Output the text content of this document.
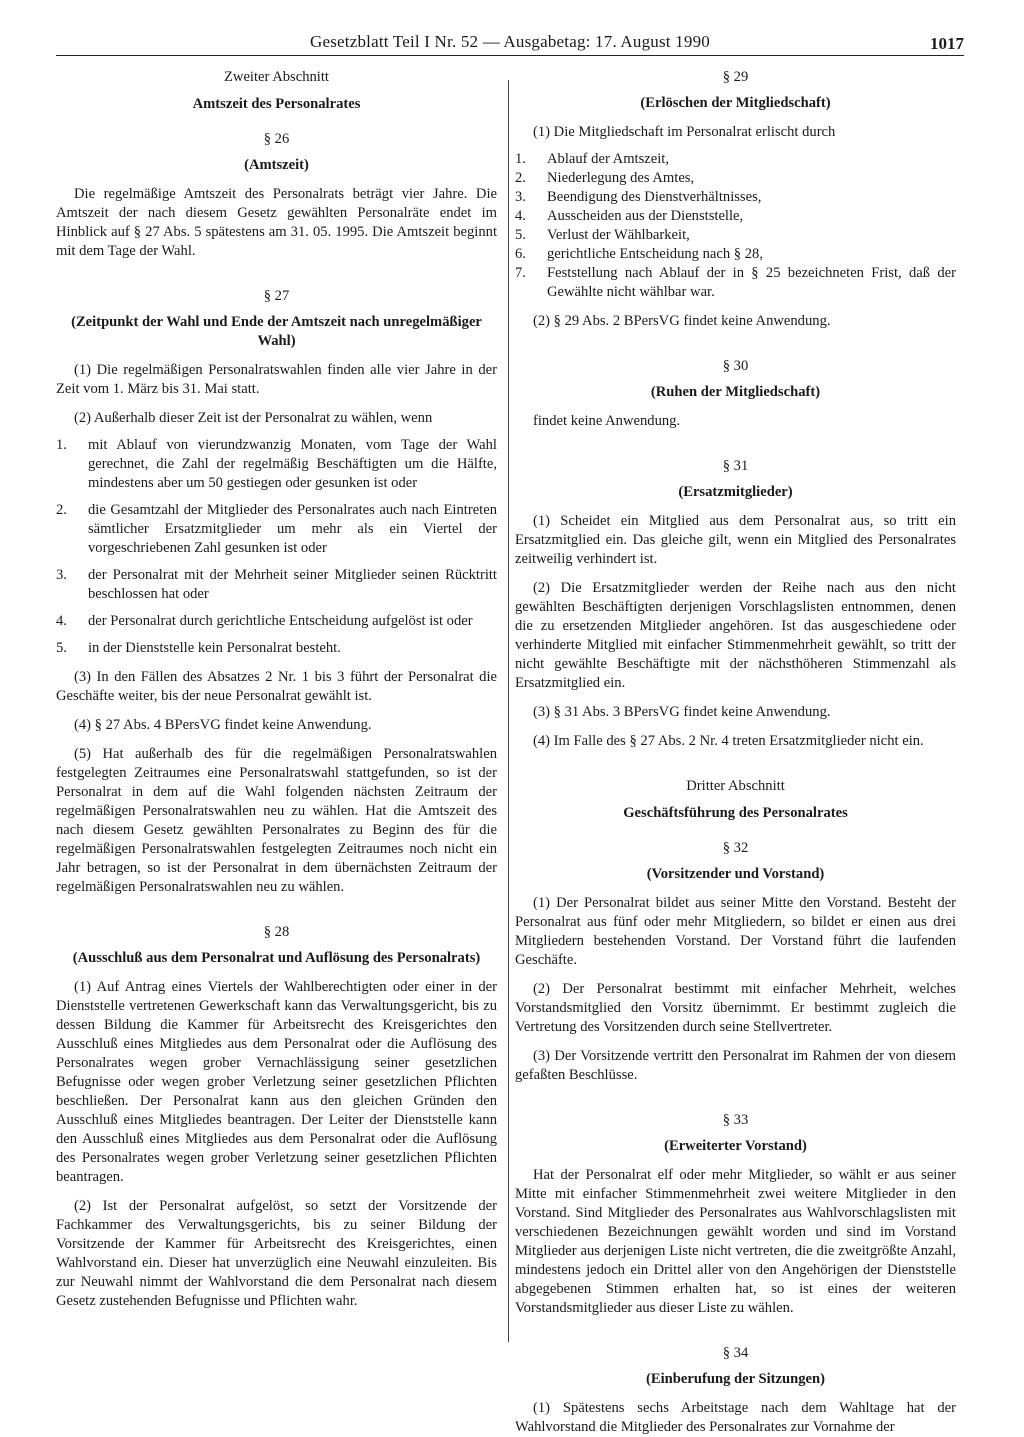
Gesetzblatt Teil I Nr. 52 — Ausgabetag: 17. August 1990	1017
Zweiter Abschnitt
Amtszeit des Personalrates
§ 26
(Amtszeit)

Die regelmäßige Amtszeit des Personalrats beträgt vier Jahre. Die Amtszeit der nach diesem Gesetz gewählten Personalräte endet im Hinblick auf § 27 Abs. 5 spätestens am 31. 05. 1995. Die Amtszeit beginnt mit dem Tage der Wahl.

§ 27
(Zeitpunkt der Wahl und Ende der Amtszeit nach unregelmäßiger Wahl)

(1) Die regelmäßigen Personalratswahlen finden alle vier Jahre in der Zeit vom 1. März bis 31. Mai statt.

(2) Außerhalb dieser Zeit ist der Personalrat zu wählen, wenn

1.	mit Ablauf von vierundzwanzig Monaten, vom Tage der Wahl gerechnet, die Zahl der regelmäßig Beschäftigten um die Hälfte, mindestens aber um 50 gestiegen oder gesunken ist oder
2.	die Gesamtzahl der Mitglieder des Personalrates auch nach Eintreten sämtlicher Ersatzmitglieder um mehr als ein Viertel der vorgeschriebenen Zahl gesunken ist oder
3.	der Personalrat mit der Mehrheit seiner Mitglieder seinen Rücktritt beschlossen hat oder
4.	der Personalrat durch gerichtliche Entscheidung aufgelöst ist oder
5.	in der Dienststelle kein Personalrat besteht.

(3) In den Fällen des Absatzes 2 Nr. 1 bis 3 führt der Personalrat die Geschäfte weiter, bis der neue Personalrat gewählt ist.

(4) § 27 Abs. 4 BPersVG findet keine Anwendung.

(5) Hat außerhalb des für die regelmäßigen Personalratswahlen festgelegten Zeitraumes eine Personalratswahl stattgefunden, so ist der Personalrat in dem auf die Wahl folgenden nächsten Zeitraum der regelmäßigen Personalratswahlen neu zu wählen. Hat die Amtszeit des nach diesem Gesetz gewählten Personalrates zu Beginn des für die regelmäßigen Personalratswahlen festgelegten Zeitraumes noch nicht ein Jahr betragen, so ist der Personalrat in dem übernächsten Zeitraum der regelmäßigen Personalratswahlen neu zu wählen.

§ 28
(Ausschluß aus dem Personalrat und Auflösung des Personalrats)

(1) Auf Antrag eines Viertels der Wahlberechtigten oder einer in der Dienststelle vertretenen Gewerkschaft kann das Verwaltungsgericht, bis zu dessen Bildung die Kammer für Arbeitsrecht des Kreisgerichtes den Ausschluß eines Mitgliedes aus dem Personalrat oder die Auflösung des Personalrates wegen grober Vernachlässigung seiner gesetzlichen Befugnisse oder wegen grober Verletzung seiner gesetzlichen Pflichten beschließen. Der Personalrat kann aus den gleichen Gründen den Ausschluß eines Mitgliedes beantragen. Der Leiter der Dienststelle kann den Ausschluß eines Mitgliedes aus dem Personalrat oder die Auflösung des Personalrates wegen grober Verletzung seiner gesetzlichen Pflichten beantragen.

(2) Ist der Personalrat aufgelöst, so setzt der Vorsitzende der Fachkammer des Verwaltungsgerichts, bis zu seiner Bildung der Vorsitzende der Kammer für Arbeitsrecht des Kreisgerichtes, einen Wahlvorstand ein. Dieser hat unverzüglich eine Neuwahl einzuleiten. Bis zur Neuwahl nimmt der Wahlvorstand die dem Personalrat nach diesem Gesetz zustehenden Befugnisse und Pflichten wahr.

§ 29
(Erlöschen der Mitgliedschaft)

(1) Die Mitgliedschaft im Personalrat erlischt durch

1.	Ablauf der Amtszeit,
2.	Niederlegung des Amtes,
3.	Beendigung des Dienstverhältnisses,
4.	Ausscheiden aus der Dienststelle,
5.	Verlust der Wählbarkeit,
6.	gerichtliche Entscheidung nach § 28,
7.	Feststellung nach Ablauf der in § 25 bezeichneten Frist, daß der Gewählte nicht wählbar war.

(2) § 29 Abs. 2 BPersVG findet keine Anwendung.

§ 30
(Ruhen der Mitgliedschaft)

findet keine Anwendung.

§ 31
(Ersatzmitglieder)

(1) Scheidet ein Mitglied aus dem Personalrat aus, so tritt ein Ersatzmitglied ein. Das gleiche gilt, wenn ein Mitglied des Personalrates zeitweilig verhindert ist.

(2) Die Ersatzmitglieder werden der Reihe nach aus den nicht gewählten Beschäftigten derjenigen Vorschlagslisten entnommen, denen die zu ersetzenden Mitglieder angehören. Ist das ausgeschiedene oder verhinderte Mitglied mit einfacher Stimmenmehrheit gewählt, so tritt der nicht gewählte Beschäftigte mit der nächsthöheren Stimmenzahl als Ersatzmitglied ein.

(3) § 31 Abs. 3 BPersVG findet keine Anwendung.

(4) Im Falle des § 27 Abs. 2 Nr. 4 treten Ersatzmitglieder nicht ein.

Dritter Abschnitt
Geschäftsführung des Personalrates
§ 32
(Vorsitzender und Vorstand)

(1) Der Personalrat bildet aus seiner Mitte den Vorstand. Besteht der Personalrat aus fünf oder mehr Mitgliedern, so bildet er einen aus drei Mitgliedern bestehenden Vorstand. Der Vorstand führt die laufenden Geschäfte.

(2) Der Personalrat bestimmt mit einfacher Mehrheit, welches Vorstandsmitglied den Vorsitz übernimmt. Er bestimmt zugleich die Vertretung des Vorsitzenden durch seine Stellvertreter.

(3) Der Vorsitzende vertritt den Personalrat im Rahmen der von diesem gefaßten Beschlüsse.

§ 33
(Erweiterter Vorstand)

Hat der Personalrat elf oder mehr Mitglieder, so wählt er aus seiner Mitte mit einfacher Stimmenmehrheit zwei weitere Mitglieder in den Vorstand. Sind Mitglieder des Personalrates aus Wahlvorschlagslisten mit verschiedenen Bezeichnungen gewählt worden und sind im Vorstand Mitglieder aus derjenigen Liste nicht vertreten, die die zweitgrößte Anzahl, mindestens jedoch ein Drittel aller von den Angehörigen der Dienststelle abgegebenen Stimmen erhalten hat, so ist eines der weiteren Vorstandsmitglieder aus dieser Liste zu wählen.

§ 34
(Einberufung der Sitzungen)

(1) Spätestens sechs Arbeitstage nach dem Wahltage hat der Wahlvorstand die Mitglieder des Personalrates zur Vornahme der
